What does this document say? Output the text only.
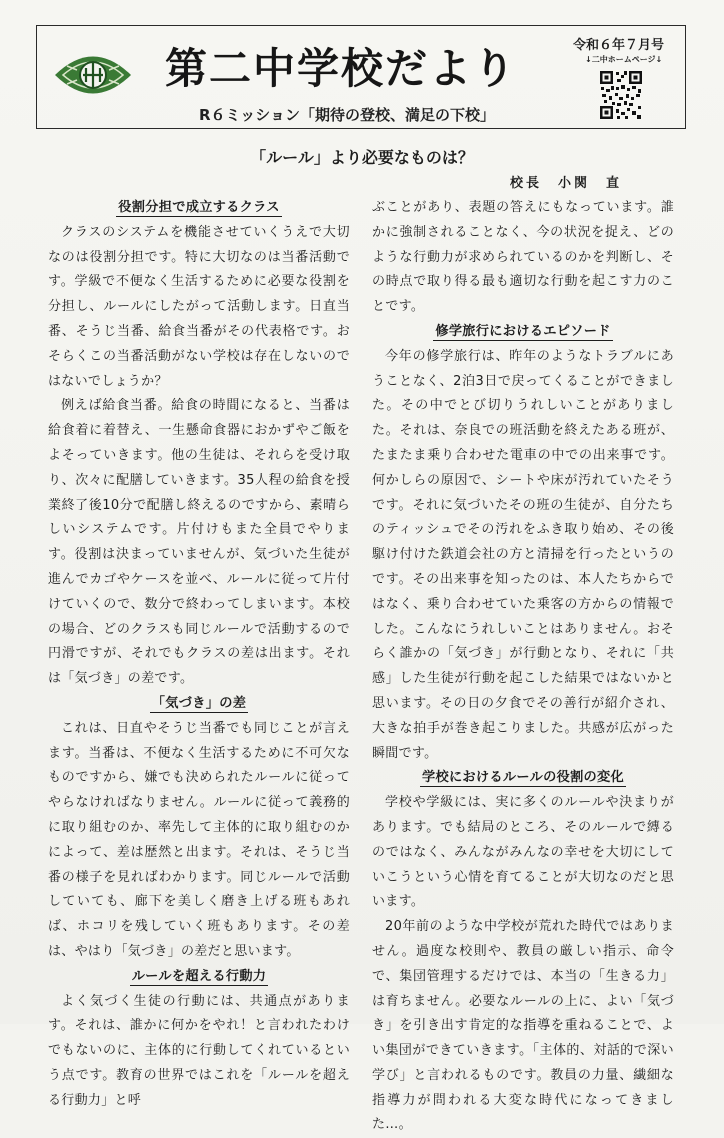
第二中学校だより
R６ミッション「期待の登校、満足の下校」
令和６年７月号
↓二中ホームページ↓
「ルール」より必要なものは？
校長　小関　直
役割分担で成立するクラス

クラスのシステムを機能させていくうえで大切なのは役割分担です。特に大切なのは当番活動です。学級で不便なく生活するために必要な役割を分担し、ルールにしたがって活動します。日直当番、そうじ当番、給食当番がその代表格です。おそらくこの当番活動がない学校は存在しないのではないでしょうか？

例えば給食当番。給食の時間になると、当番は給食着に着替え、一生懸命食器におかずやご飯をよそっていきます。他の生徒は、それらを受け取り、次々に配膳していきます。35人程の給食を授業終了後10分で配膳し終えるのですから、素晴らしいシステムです。片付けもまた全員でやります。役割は決まっていませんが、気づいた生徒が進んでカゴやケースを並べ、ルールに従って片付けていくので、数分で終わってしまいます。本校の場合、どのクラスも同じルールで活動するので円滑ですが、それでもクラスの差は出ます。それは「気づき」の差です。

「気づき」の差

これは、日直やそうじ当番でも同じことが言えます。当番は、不便なく生活するために不可欠なものですから、嫌でも決められたルールに従ってやらなければなりません。ルールに従って義務的に取り組むのか、率先して主体的に取り組むのかによって、差は歴然と出ます。それは、そうじ当番の様子を見ればわかります。同じルールで活動していても、廊下を美しく磨き上げる班もあれば、ホコリを残していく班もあります。その差は、やはり「気づき」の差だと思います。

ルールを超える行動力

よく気づく生徒の行動には、共通点があります。それは、誰かに何かをやれ！と言われたわけでもないのに、主体的に行動してくれているという点です。教育の世界ではこれを「ルールを超える行動力」と呼

ぶことがあり、表題の答えにもなっています。誰かに強制されることなく、今の状況を捉え、どのような行動力が求められているのかを判断し、その時点で取り得る最も適切な行動を起こす力のことです。

修学旅行におけるエピソード

今年の修学旅行は、昨年のようなトラブルにあうことなく、2泊3日で戻ってくることができました。その中でとび切りうれしいことがありました。それは、奈良での班活動を終えたある班が、たまたま乗り合わせた電車の中での出来事です。何かしらの原因で、シートや床が汚れていたそうです。それに気づいたその班の生徒が、自分たちのティッシュでその汚れをふき取り始め、その後駆け付けた鉄道会社の方と清掃を行ったというのです。その出来事を知ったのは、本人たちからではなく、乗り合わせていた乗客の方からの情報でした。こんなにうれしいことはありません。おそらく誰かの「気づき」が行動となり、それに「共感」した生徒が行動を起こした結果ではないかと思います。その日の夕食でその善行が紹介され、大きな拍手が巻き起こりました。共感が広がった瞬間です。

学校におけるルールの役割の変化

学校や学級には、実に多くのルールや決まりがあります。でも結局のところ、そのルールで縛るのではなく、みんながみんなの幸せを大切にしていこうという心情を育てることが大切なのだと思います。

20年前のような中学校が荒れた時代ではありません。過度な校則や、教員の厳しい指示、命令で、集団管理するだけでは、本当の「生きる力」は育ちません。必要なルールの上に、よい「気づき」を引き出す肯定的な指導を重ねることで、よい集団ができていきます。「主体的、対話的で深い学び」と言われるものです。教員の力量、繊細な指導力が問われる大変な時代になってきました…。
